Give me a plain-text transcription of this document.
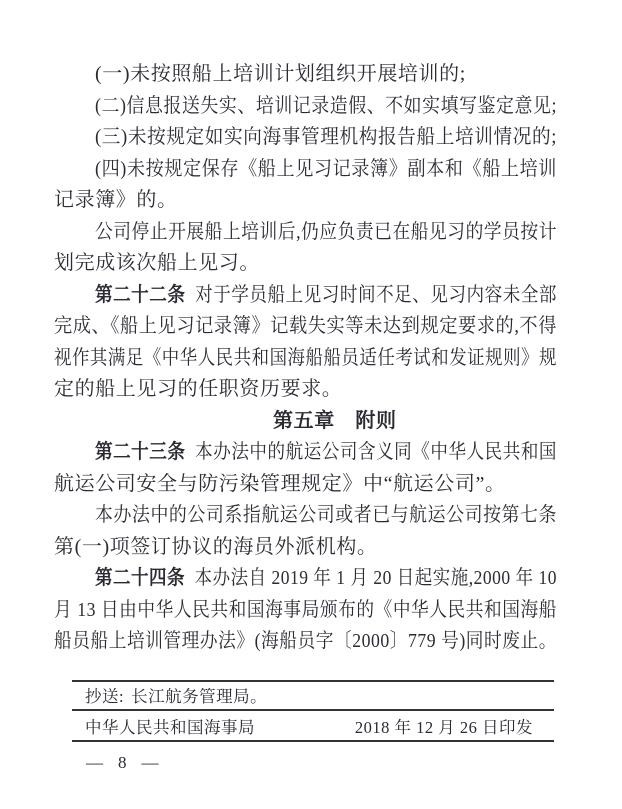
(一)未按照船上培训计划组织开展培训的;
(二)信息报送失实、培训记录造假、不如实填写鉴定意见;
(三)未按规定如实向海事管理机构报告船上培训情况的;
(四)未按规定保存《船上见习记录簿》副本和《船上培训
记录簿》的。
公司停止开展船上培训后,仍应负责已在船见习的学员按计
划完成该次船上见习。
第二十二条 对于学员船上见习时间不足、见习内容未全部
完成、《船上见习记录簿》记载失实等未达到规定要求的,不得
视作其满足《中华人民共和国海船船员适任考试和发证规则》规
定的船上见习的任职资历要求。
第五章　附则
第二十三条 本办法中的航运公司含义同《中华人民共和国
航运公司安全与防污染管理规定》中“航运公司”。
本办法中的公司系指航运公司或者已与航运公司按第七条
第(一)项签订协议的海员外派机构。
第二十四条 本办法自 2019 年 1 月 20 日起实施,2000 年 10
月 13 日由中华人民共和国海事局颁布的《中华人民共和国海船
船员船上培训管理办法》(海船员字〔2000〕779 号)同时废止。
抄送: 长江航务管理局。
中华人民共和国海事局	2018 年 12 月 26 日印发
— 8 —
